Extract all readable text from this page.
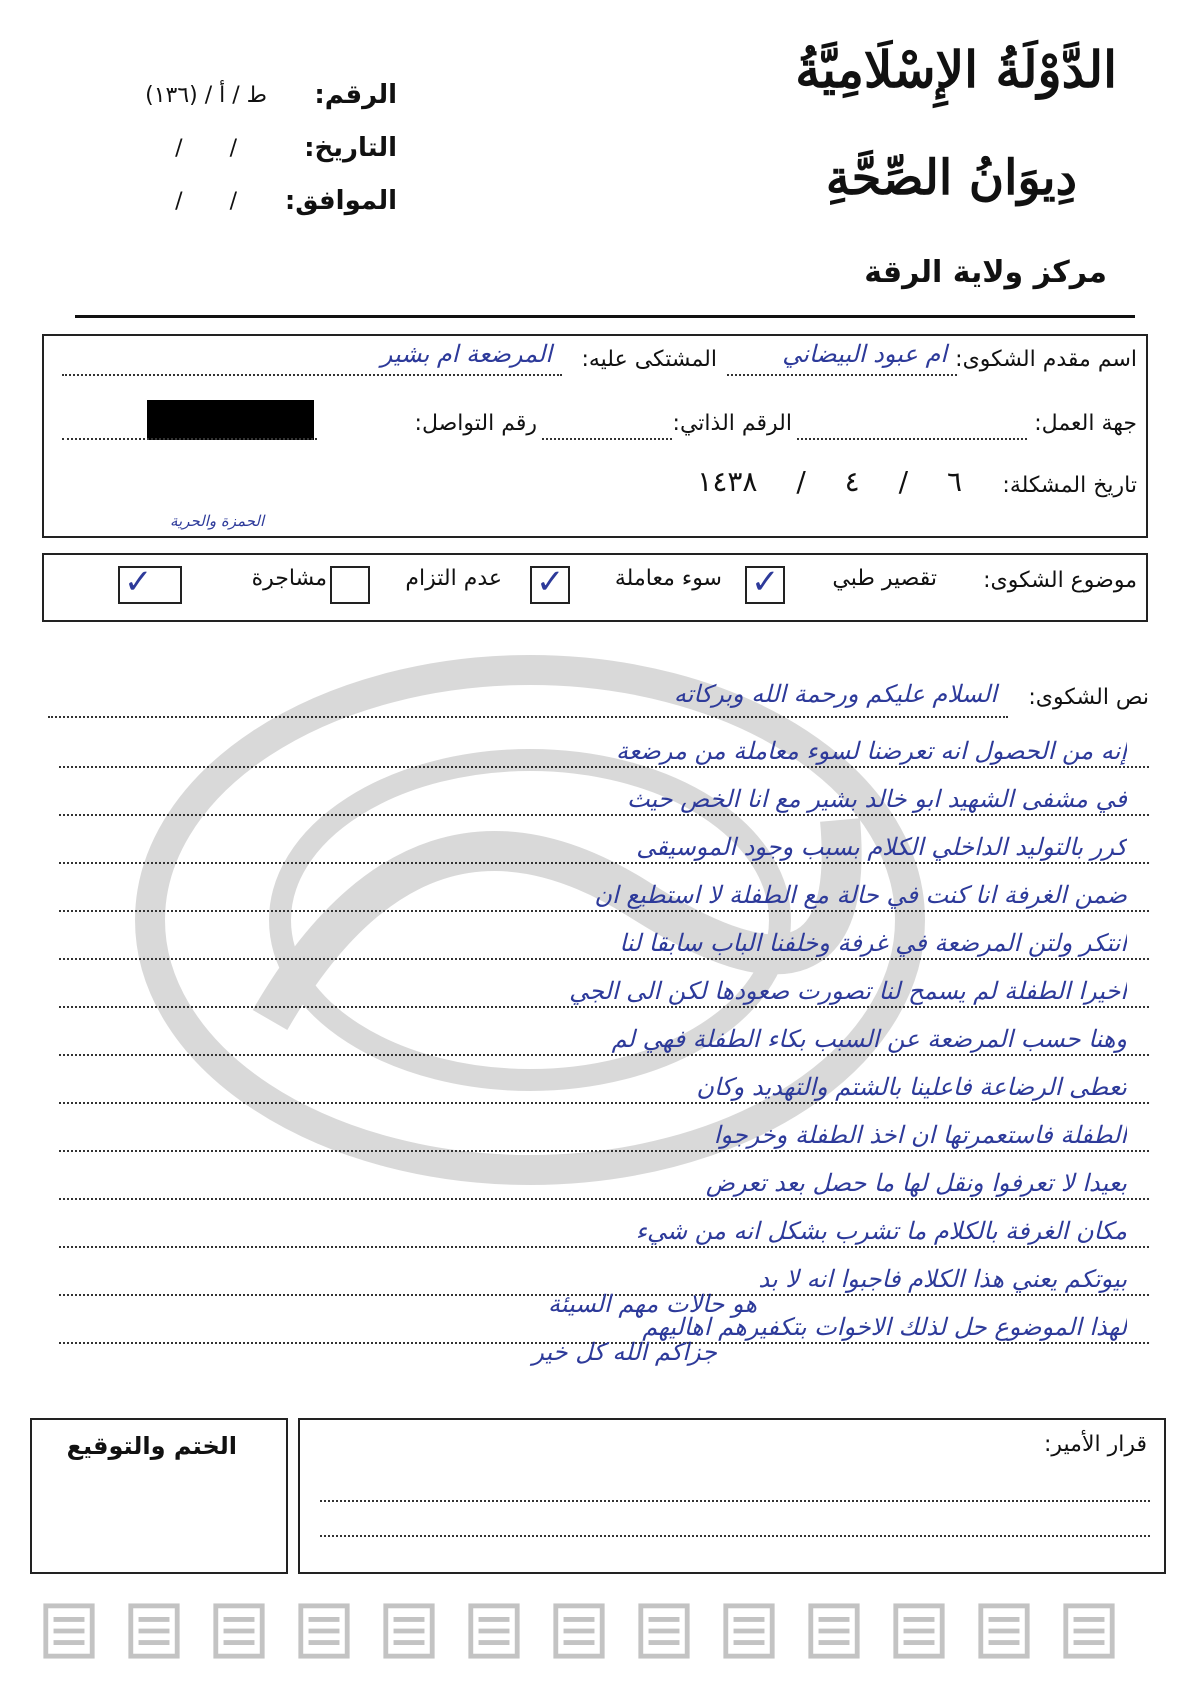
الدَّوْلَةُ الإِسْلَامِيَّةُ
دِيوَانُ الصِّحَّةِ
مركز ولاية الرقة
الرقم:
ط / أ / (١٣٦)
التاريخ:
/ /
الموافق:
/ /
اسم مقدم الشكوى:
ام عبود البيضاني
المشتكى عليه:
المرضعة ام بشير
جهة العمل:
الرقم الذاتي:
رقم التواصل:
تاريخ المشكلة:
٦ / ٤ / ١٤٣٨
الحمزة والحرية
موضوع الشكوى:
تقصير طبي
✓
سوء معاملة
✓
عدم التزام
مشاجرة
✓
نص الشكوى:
السلام عليكم ورحمة الله وبركاته
إنه من الحصول انه تعرضنا لسوء معاملة من مرضعة
في مشفى الشهيد ابو خالد بشير مع انا الخص حيث
كرر بالتوليد الداخلي الكلام بسبب وجود الموسيقى
ضمن الغرفة انا كنت في حالة مع الطفلة لا استطيع ان
انتكر ولتن المرضعة في غرفة وخلفنا الباب سابقا لنا
اخيرا الطفلة لم يسمح لنا تصورت صعودها لكن الى الجي
وهنا حسب المرضعة عن السبب بكاء الطفلة فهي لم
تعطى الرضاعة فاعلينا بالشتم والتهديد وكان
الطفلة فاستعمرتها ان اخذ الطفلة وخرجوا
بعيدا لا تعرفوا ونقل لها ما حصل بعد تعرض
مكان الغرفة بالكلام ما تشرب بشكل انه من شيء
بيوتكم يعني هذا الكلام فاجبوا انه لا بد
لهذا الموضوع حل لذلك الاخوات بتكفيرهم اهاليهم
هو حالات مهم السيئة
جزاكم الله كل خير
قرار الأمير:
الختم والتوقيع
